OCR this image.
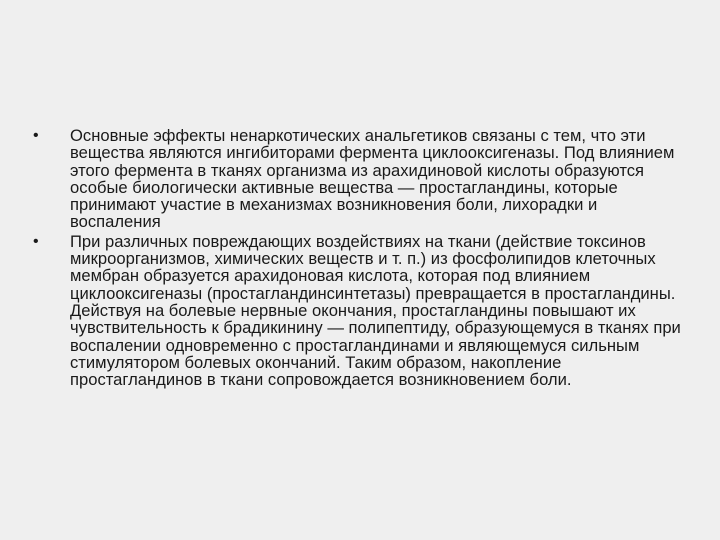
• Основные эффекты ненаркотических анальгетиков связаны с тем, что эти вещества являются ингибиторами фермента циклооксигеназы. Под влиянием этого фермента в тканях организма из арахидиновой кислоты образуются особые биологически активные вещества — простагландины, которые принимают участие в механизмах возникновения боли, лихорадки и воспаления
• При различных повреждающих воздействиях на ткани (действие токсинов микроорганизмов, химических веществ и т. п.) из фосфолипидов клеточных мембран образуется арахидоновая кислота, которая под влиянием циклооксигеназы (простагландинсинтетазы) превращается в простагландины. Действуя на болевые нервные окончания, простагландины повышают их чувствительность к брадикинину — полипептиду, образующемуся в тканях при воспалении одновременно с простагландинами и являющемуся сильным стимулятором болевых окончаний. Таким образом, накопление простагландинов в ткани сопровождается возникновением боли.
